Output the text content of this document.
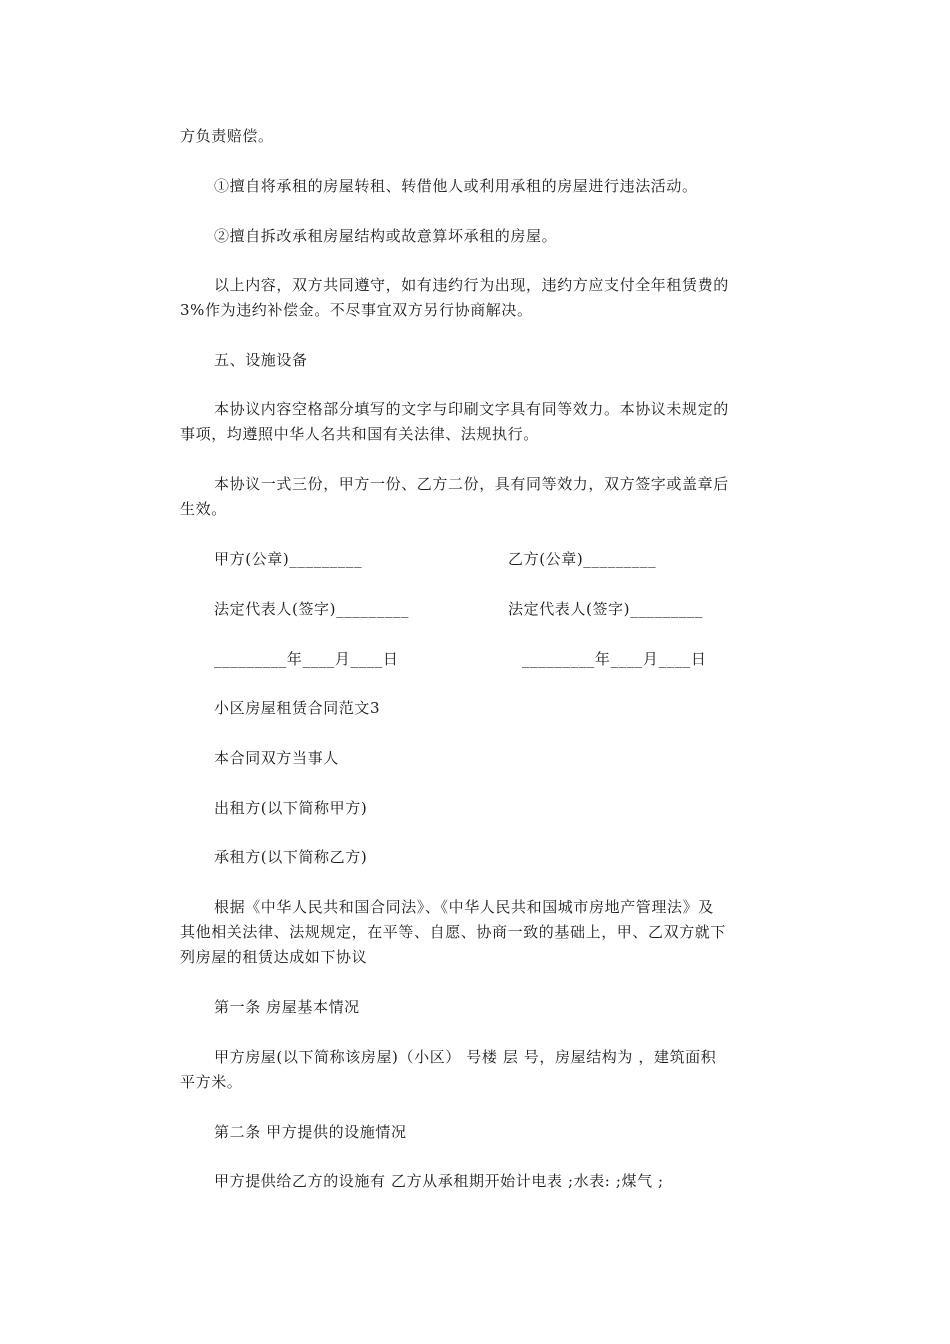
方负责赔偿。
①擅自将承租的房屋转租、转借他人或利用承租的房屋进行违法活动。
②擅自拆改承租房屋结构或故意算坏承租的房屋。
以上内容，双方共同遵守，如有违约行为出现，违约方应支付全年租赁费的
3%作为违约补偿金。不尽事宜双方另行协商解决。
五、设施设备
本协议内容空格部分填写的文字与印刷文字具有同等效力。本协议未规定的
事项，均遵照中华人名共和国有关法律、法规执行。
本协议一式三份，甲方一份、乙方二份，具有同等效力，双方签字或盖章后
生效。
甲方(公章)_________	乙方(公章)_________
法定代表人(签字)_________	法定代表人(签字)_________
_________年____月____日	_________年____月____日
小区房屋租赁合同范文3
本合同双方当事人
出租方(以下简称甲方)
承租方(以下简称乙方)
根据《中华人民共和国合同法》、《中华人民共和国城市房地产管理法》及
其他相关法律、法规规定，在平等、自愿、协商一致的基础上，甲、乙双方就下
列房屋的租赁达成如下协议
第一条 房屋基本情况
甲方房屋(以下简称该房屋)（小区） 号楼 层 号，房屋结构为 ，建筑面积
平方米。
第二条 甲方提供的设施情况
甲方提供给乙方的设施有 乙方从承租期开始计电表 ;水表: ;煤气 ;
